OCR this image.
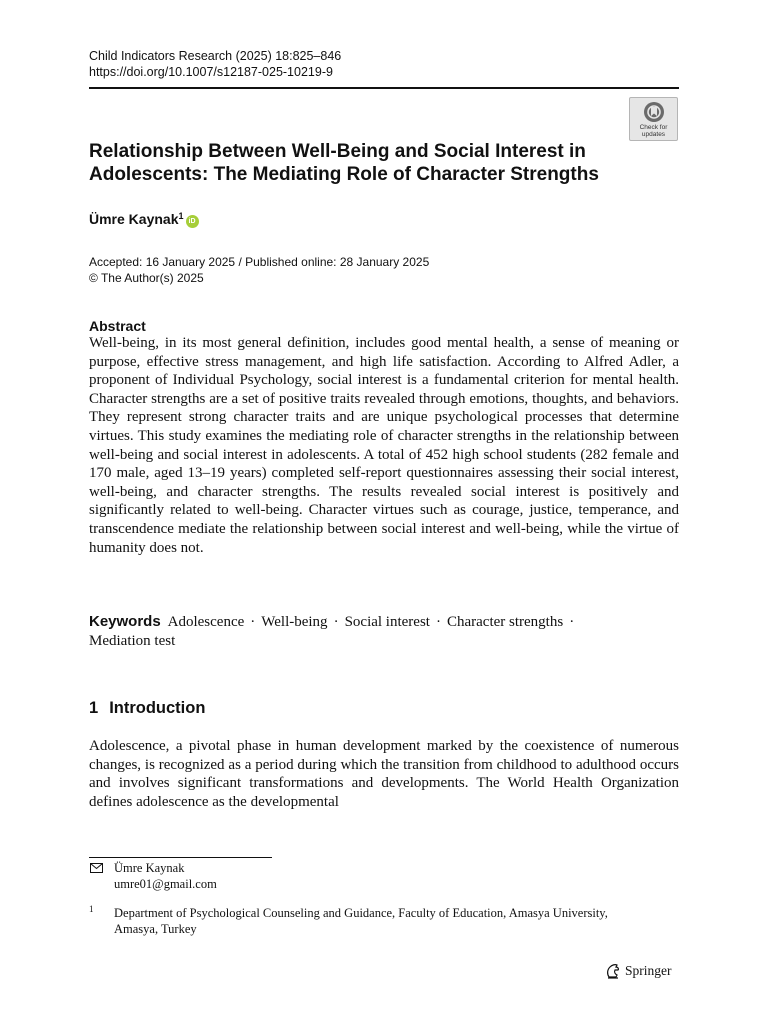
Child Indicators Research (2025) 18:825–846
https://doi.org/10.1007/s12187-025-10219-9
Check for
updates
Relationship Between Well-Being and Social Interest in
Adolescents: The Mediating Role of Character Strengths
Ümre Kaynak$^1$iD
Accepted: 16 January 2025 / Published online: 28 January 2025
© The Author(s) 2025
Abstract
Well-being, in its most general definition, includes good mental health, a sense of meaning or purpose, effective stress management, and high life satisfaction. According to Alfred Adler, a proponent of Individual Psychology, social interest is a fundamental criterion for mental health. Character strengths are a set of positive traits revealed through emotions, thoughts, and behaviors. They represent strong character traits and are unique psychological processes that determine virtues. This study examines the mediating role of character strengths in the relationship between well-being and social interest in adolescents. A total of 452 high school students (282 female and 170 male, aged 13–19 years) completed self-report questionnaires assessing their social interest, well-being, and character strengths. The results revealed social interest is positively and significantly related to well-being. Character virtues such as courage, justice, temperance, and transcendence mediate the relationship between social interest and well-being, while the virtue of humanity does not.
Keywords Adolescence · Well-being · Social interest · Character strengths ·
Mediation test
1 Introduction
Adolescence, a pivotal phase in human development marked by the coexistence of numerous changes, is recognized as a period during which the transition from childhood to adulthood occurs and involves significant transformations and developments. The World Health Organization defines adolescence as the developmental
Ümre Kaynak
umre01@gmail.com
1 Department of Psychological Counseling and Guidance, Faculty of Education, Amasya University, Amasya, Turkey
Springer
